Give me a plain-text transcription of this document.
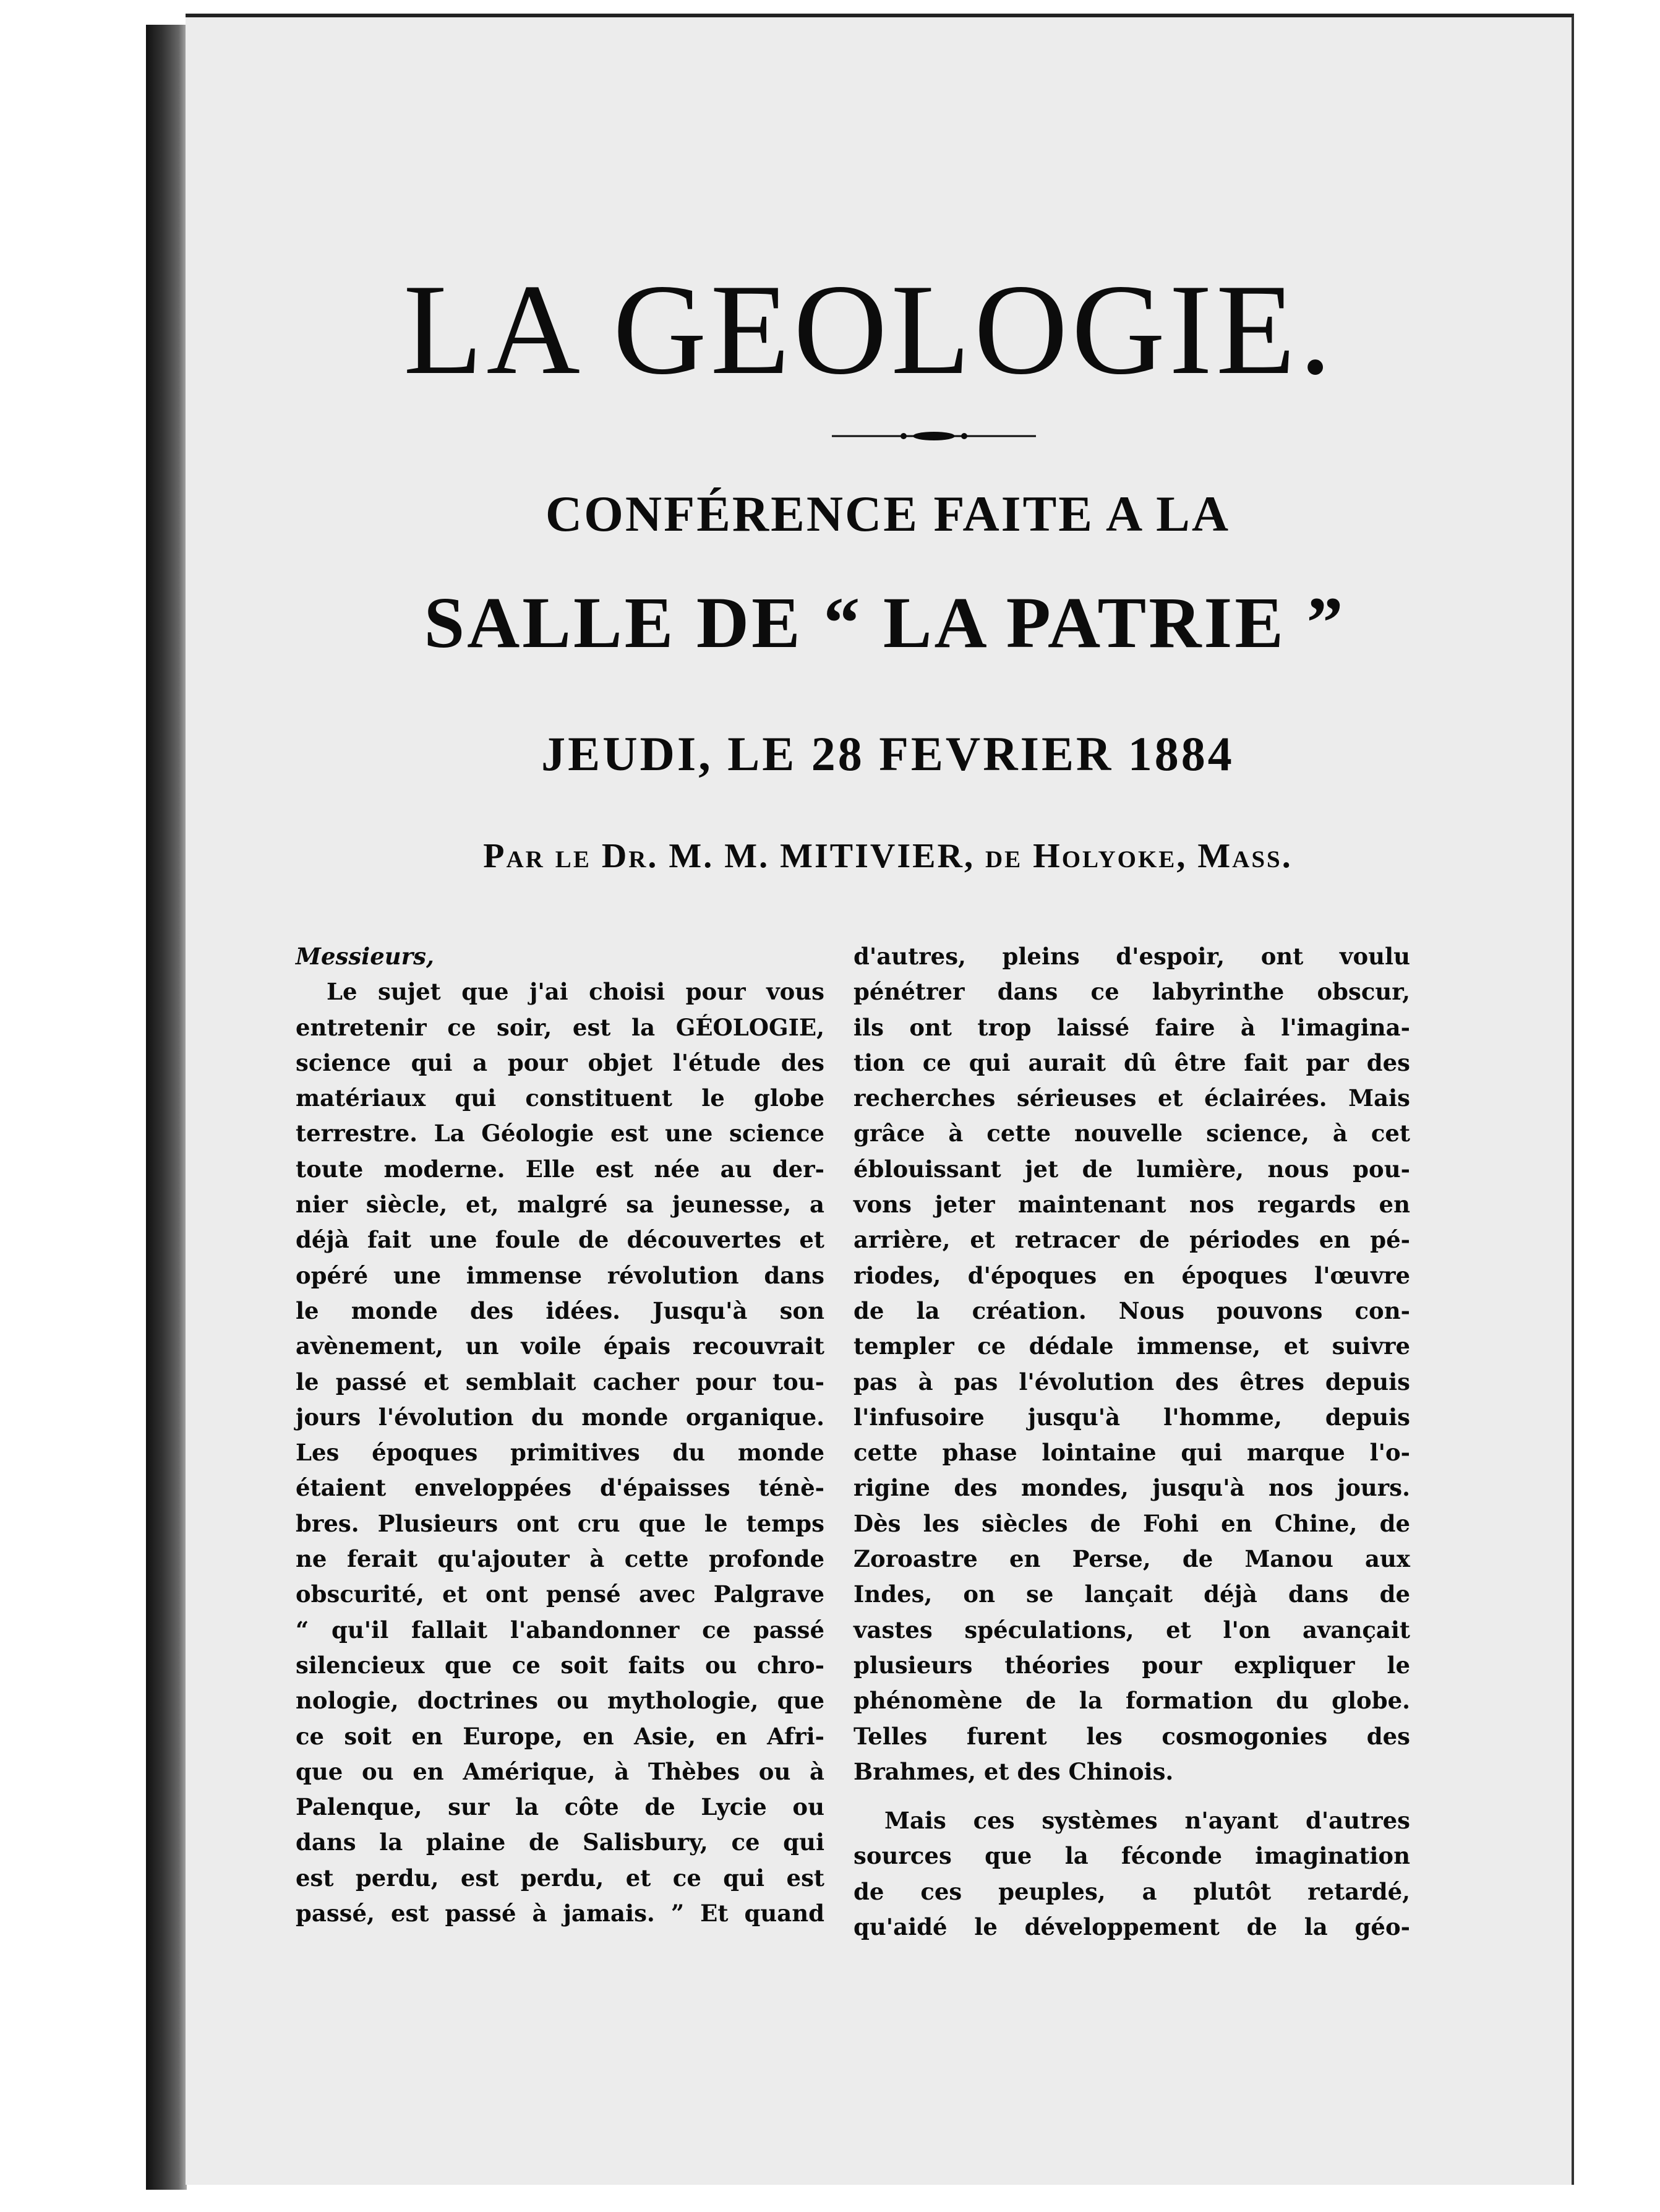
LA GEOLOGIE.
CONFÉRENCE FAITE A LA
SALLE DE “ LA PATRIE ”
JEUDI, LE 28 FEVRIER 1884
Par le Dr. M. M. MITIVIER, de Holyoke, Mass.
Messieurs,
Le sujet que j'ai choisi pour vous
entretenir ce soir, est la GÉOLOGIE,
science qui a pour objet l'étude des
matériaux qui constituent le globe
terrestre. La Géologie est une science
toute moderne. Elle est née au der-
nier siècle, et, malgré sa jeunesse, a
déjà fait une foule de découvertes et
opéré une immense révolution dans
le monde des idées. Jusqu'à son
avènement, un voile épais recouvrait
le passé et semblait cacher pour tou-
jours l'évolution du monde organique.
Les époques primitives du monde
étaient enveloppées d'épaisses ténè-
bres. Plusieurs ont cru que le temps
ne ferait qu'ajouter à cette profonde
obscurité, et ont pensé avec Palgrave
“ qu'il fallait l'abandonner ce passé
silencieux que ce soit faits ou chro-
nologie, doctrines ou mythologie, que
ce soit en Europe, en Asie, en Afri-
que ou en Amérique, à Thèbes ou à
Palenque, sur la côte de Lycie ou
dans la plaine de Salisbury, ce qui
est perdu, est perdu, et ce qui est
passé, est passé à jamais. ” Et quand
d'autres, pleins d'espoir, ont voulu
pénétrer dans ce labyrinthe obscur,
ils ont trop laissé faire à l'imagina-
tion ce qui aurait dû être fait par des
recherches sérieuses et éclairées. Mais
grâce à cette nouvelle science, à cet
éblouissant jet de lumière, nous pou-
vons jeter maintenant nos regards en
arrière, et retracer de périodes en pé-
riodes, d'époques en époques l'œuvre
de la création. Nous pouvons con-
templer ce dédale immense, et suivre
pas à pas l'évolution des êtres depuis
l'infusoire jusqu'à l'homme, depuis
cette phase lointaine qui marque l'o-
rigine des mondes, jusqu'à nos jours.
Dès les siècles de Fohi en Chine, de
Zoroastre en Perse, de Manou aux
Indes, on se lançait déjà dans de
vastes spéculations, et l'on avançait
plusieurs théories pour expliquer le
phénomène de la formation du globe.
Telles furent les cosmogonies des
Brahmes, et des Chinois.
Mais ces systèmes n'ayant d'autres
sources que la féconde imagination
de ces peuples, a plutôt retardé,
qu'aidé le développement de la géo-
